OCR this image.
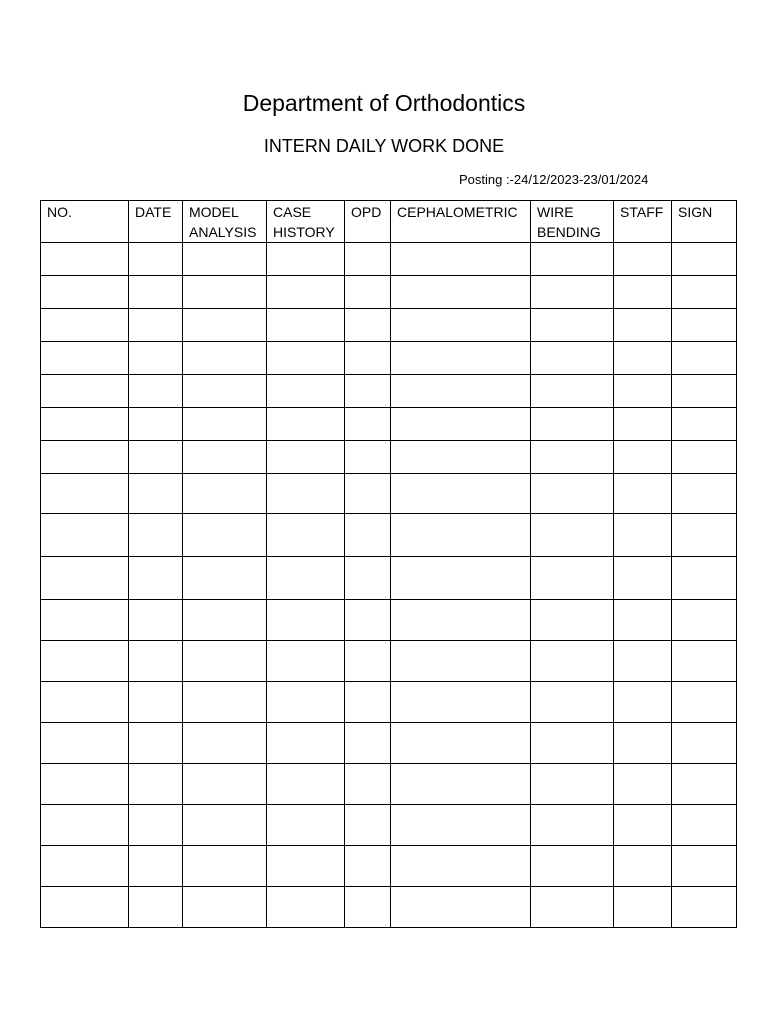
Department of Orthodontics
INTERN DAILY WORK DONE
Posting :-24/12/2023-23/01/2024
NO.	DATE	MODEL ANALYSIS	CASE HISTORY	OPD	CEPHALOMETRIC	WIRE BENDING	STAFF	SIGN
